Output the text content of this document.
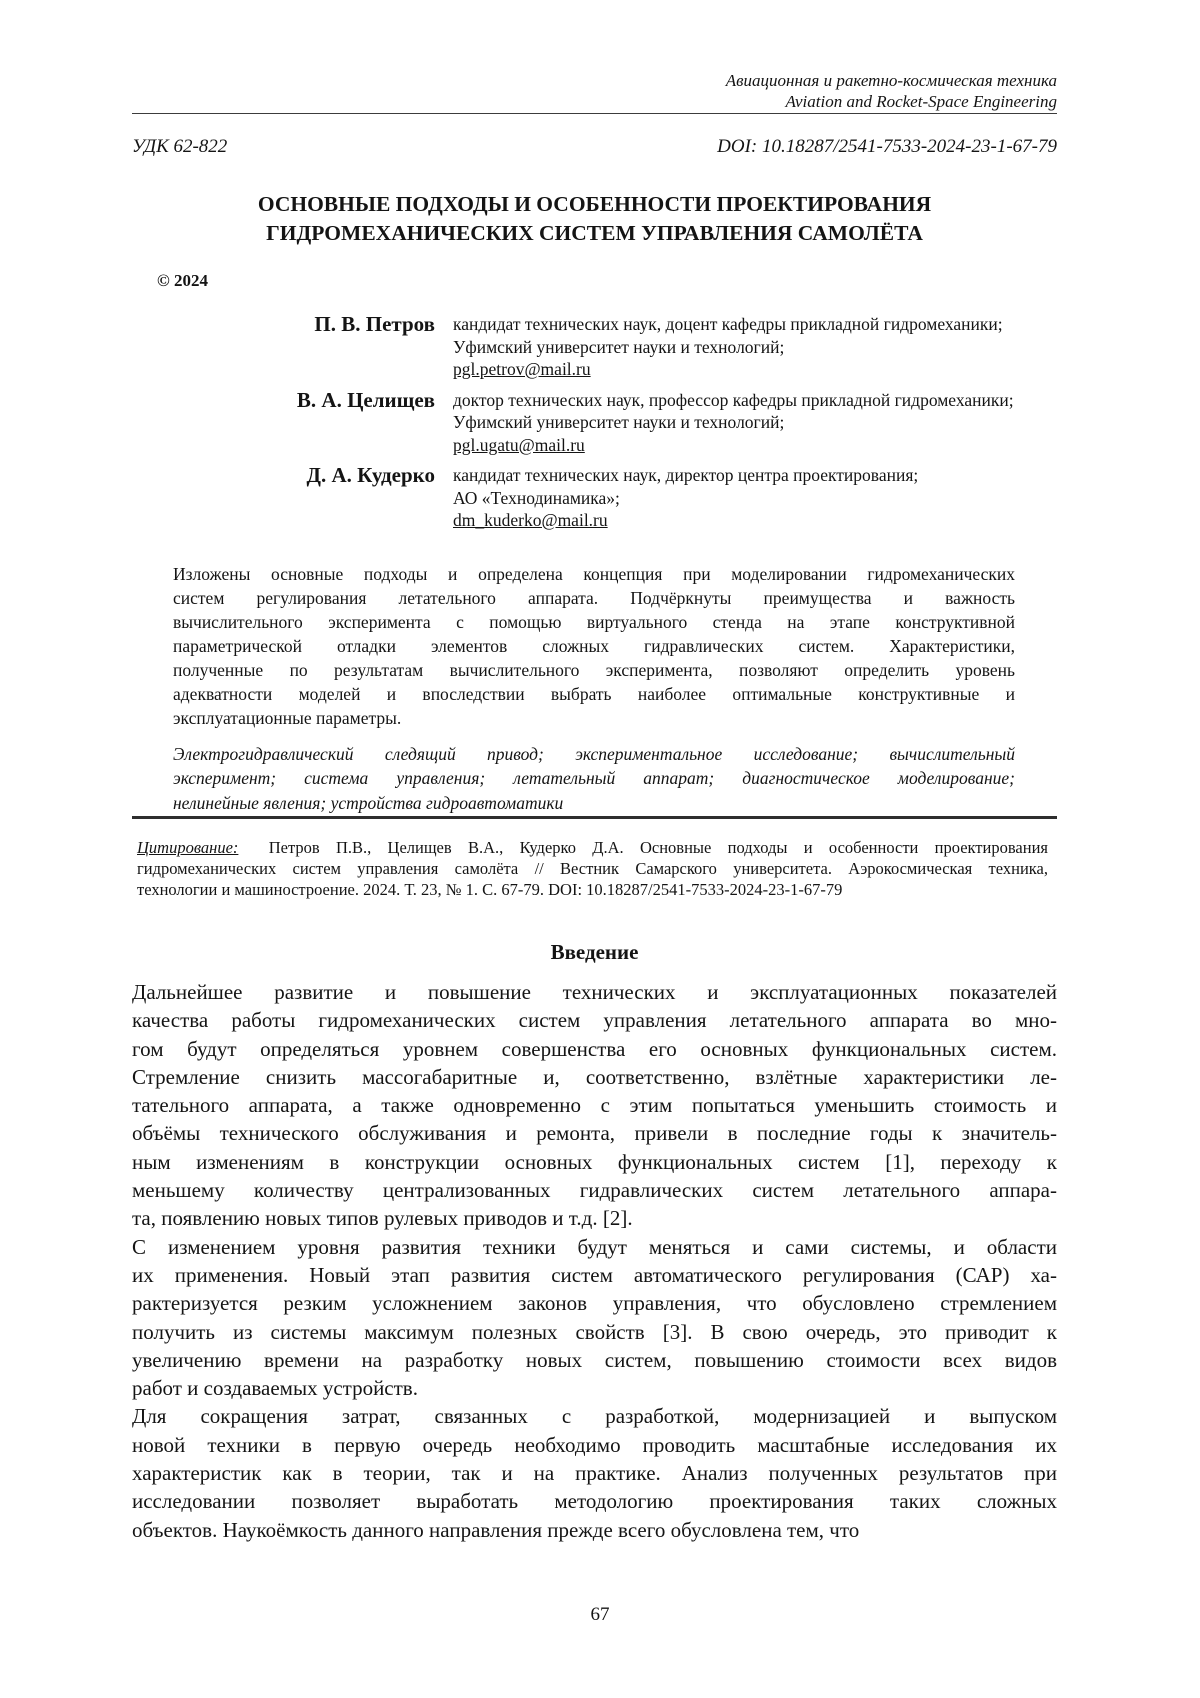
Авиационная и ракетно-космическая техника
Aviation and Rocket-Space Engineering
УДК 62-822	DOI: 10.18287/2541-7533-2024-23-1-67-79
ОСНОВНЫЕ ПОДХОДЫ И ОСОБЕННОСТИ ПРОЕКТИРОВАНИЯ
ГИДРОМЕХАНИЧЕСКИХ СИСТЕМ УПРАВЛЕНИЯ САМОЛЁТА
© 2024
П. В. Петров кандидат технических наук, доцент кафедры прикладной гидромеханики;
Уфимский университет науки и технологий;
pgl.petrov@mail.ru
В. А. Целищев доктор технических наук, профессор кафедры прикладной гидромеханики;
Уфимский университет науки и технологий;
pgl.ugatu@mail.ru
Д. А. Кудерко кандидат технических наук, директор центра проектирования;
АО «Технодинамика»;
dm_kuderko@mail.ru
Изложены основные подходы и определена концепция при моделировании гидромеханических
систем регулирования летательного аппарата. Подчёркнуты преимущества и важность
вычислительного эксперимента с помощью виртуального стенда на этапе конструктивной
параметрической отладки элементов сложных гидравлических систем. Характеристики,
полученные по результатам вычислительного эксперимента, позволяют определить уровень
адекватности моделей и впоследствии выбрать наиболее оптимальные конструктивные и
эксплуатационные параметры.
Электрогидравлический следящий привод; экспериментальное исследование; вычислительный
эксперимент; система управления; летательный аппарат; диагностическое моделирование;
нелинейные явления; устройства гидроавтоматики
Цитирование: Петров П.В., Целищев В.А., Кудерко Д.А. Основные подходы и особенности проектирования
гидромеханических систем управления самолёта // Вестник Самарского университета. Аэрокосмическая техника,
технологии и машиностроение. 2024. Т. 23, № 1. С. 67-79. DOI: 10.18287/2541-7533-2024-23-1-67-79
Введение
Дальнейшее развитие и повышение технических и эксплуатационных показателей
качества работы гидромеханических систем управления летательного аппарата во мно-
гом будут определяться уровнем совершенства его основных функциональных систем.
Стремление снизить массогабаритные и, соответственно, взлётные характеристики ле-
тательного аппарата, а также одновременно с этим попытаться уменьшить стоимость и
объёмы технического обслуживания и ремонта, привели в последние годы к значитель-
ным изменениям в конструкции основных функциональных систем [1], переходу к
меньшему количеству централизованных гидравлических систем летательного аппара-
та, появлению новых типов рулевых приводов и т.д. [2].
С изменением уровня развития техники будут меняться и сами системы, и области
их применения. Новый этап развития систем автоматического регулирования (САР) ха-
рактеризуется резким усложнением законов управления, что обусловлено стремлением
получить из системы максимум полезных свойств [3]. В свою очередь, это приводит к
увеличению времени на разработку новых систем, повышению стоимости всех видов
работ и создаваемых устройств.
Для сокращения затрат, связанных с разработкой, модернизацией и выпуском
новой техники в первую очередь необходимо проводить масштабные исследования их
характеристик как в теории, так и на практике. Анализ полученных результатов при
исследовании позволяет выработать методологию проектирования таких сложных
объектов. Наукоёмкость данного направления прежде всего обусловлена тем, что
67
